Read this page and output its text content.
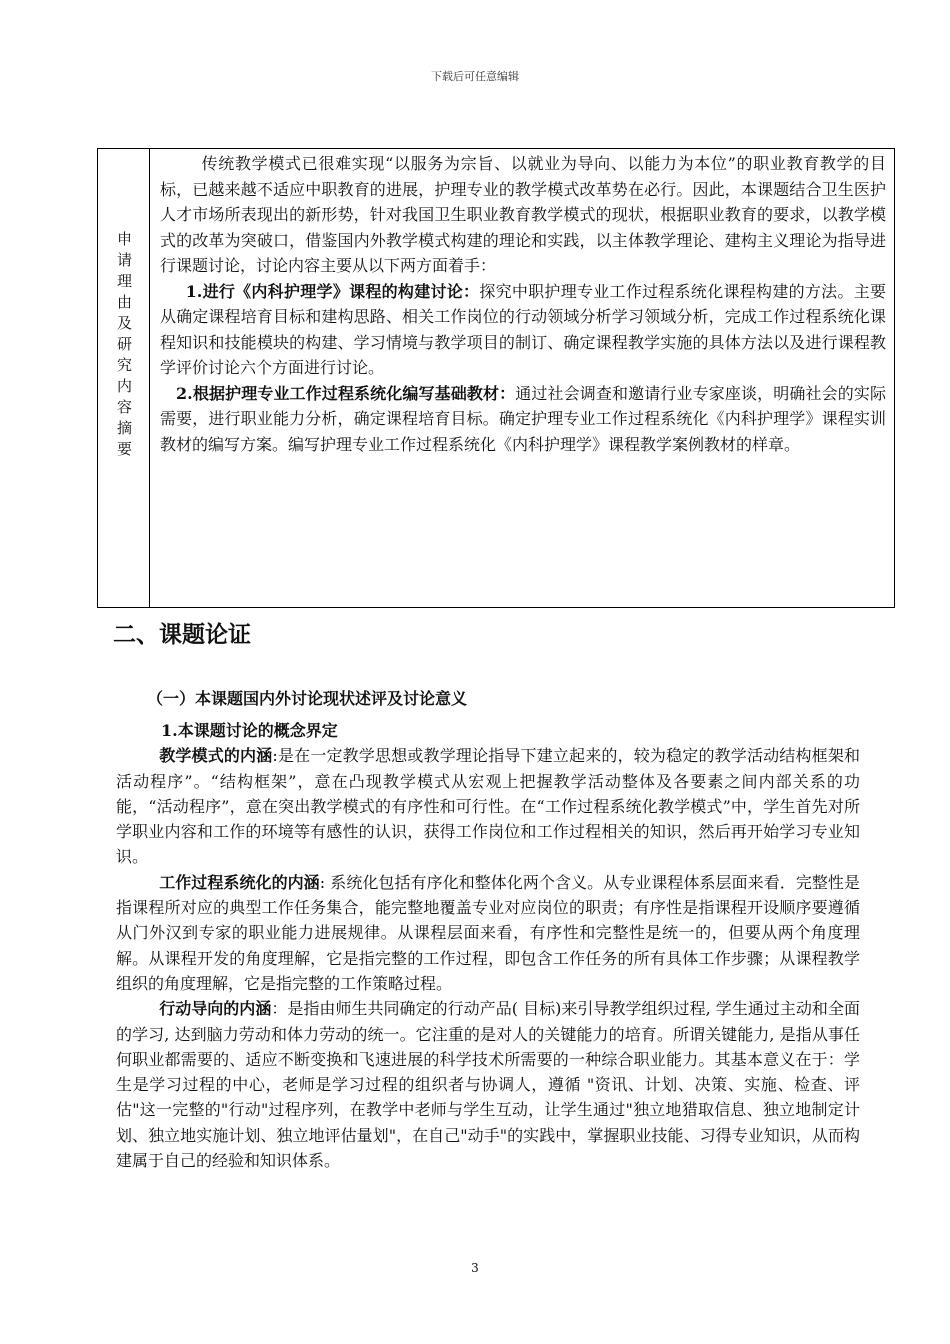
下载后可任意编辑
申请理由及研究内容摘要

传统教学模式已很难实现“以服务为宗旨、以就业为导向、以能力为本位”的职业教育教学的目标，已越来越不适应中职教育的进展，护理专业的教学模式改革势在必行。因此，本课题结合卫生医护人才市场所表现出的新形势，针对我国卫生职业教育教学模式的现状，根据职业教育的要求，以教学模式的改革为突破口，借鉴国内外教学模式构建的理论和实践，以主体教学理论、建构主义理论为指导进行课题讨论，讨论内容主要从以下两方面着手：

1.进行《内科护理学》课程的构建讨论：探究中职护理专业工作过程系统化课程构建的方法。主要从确定课程培育目标和建构思路、相关工作岗位的行动领域分析学习领域分析，完成工作过程系统化课程知识和技能模块的构建、学习情境与教学项目的制订、确定课程教学实施的具体方法以及进行课程教学评价讨论六个方面进行讨论。

2.根据护理专业工作过程系统化编写基础教材：通过社会调查和邀请行业专家座谈，明确社会的实际需要，进行职业能力分析，确定课程培育目标。确定护理专业工作过程系统化《内科护理学》课程实训教材的编写方案。编写护理专业工作过程系统化《内科护理学》课程教学案例教材的样章。

二、课题论证
（一）本课题国内外讨论现状述评及讨论意义

1.本课题讨论的概念界定

教学模式的内涵:是在一定教学思想或教学理论指导下建立起来的，较为稳定的教学活动结构框架和活动程序”。“结构框架”，意在凸现教学模式从宏观上把握教学活动整体及各要素之间内部关系的功能，“活动程序”，意在突出教学模式的有序性和可行性。在“工作过程系统化教学模式”中，学生首先对所学职业内容和工作的环境等有感性的认识，获得工作岗位和工作过程相关的知识，然后再开始学习专业知识。

工作过程系统化的内涵: 系统化包括有序化和整体化两个含义。从专业课程体系层面来看．完整性是指课程所对应的典型工作任务集合，能完整地覆盖专业对应岗位的职责；有序性是指课程开设顺序要遵循从门外汉到专家的职业能力进展规律。从课程层面来看，有序性和完整性是统一的，但要从两个角度理解。从课程开发的角度理解，它是指完整的工作过程，即包含工作任务的所有具体工作步骤；从课程教学组织的角度理解，它是指完整的工作策略过程。

行动导向的内涵：是指由师生共同确定的行动产品( 目标)来引导教学组织过程, 学生通过主动和全面的学习, 达到脑力劳动和体力劳动的统一。它注重的是对人的关键能力的培育。所谓关键能力, 是指从事任何职业都需要的、适应不断变换和飞速进展的科学技术所需要的一种综合职业能力。其基本意义在于：学生是学习过程的中心，老师是学习过程的组织者与协调人，遵循 "资讯、计划、决策、实施、检查、评估"这一完整的"行动"过程序列，在教学中老师与学生互动，让学生通过"独立地猎取信息、独立地制定计划、独立地实施计划、独立地评估量划"，在自己"动手"的实践中，掌握职业技能、习得专业知识，从而构建属于自己的经验和知识体系。

3
